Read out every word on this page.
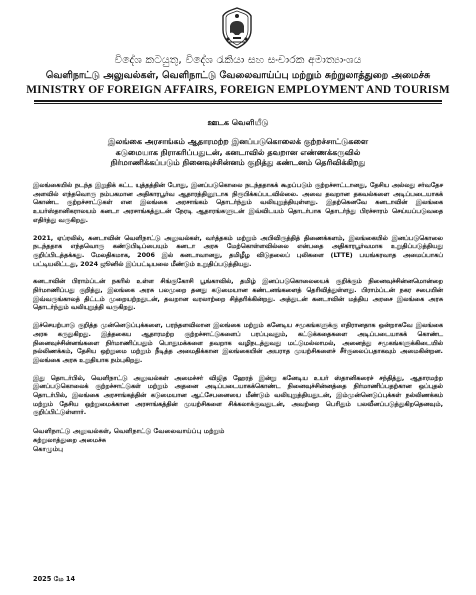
විදේශ කටයුතු, විදේශ රැකියා සහ සංචාරක අමාත්‍යාංශය
வெளிநாட்டு அலுவல்கள், வெளிநாட்டு வேலைவாய்ப்பு மற்றும் சுற்றுலாத்துறை அமைச்சு
MINISTRY OF FOREIGN AFFAIRS, FOREIGN EMPLOYMENT AND TOURISM
ஊடக வெளியீடு
இலங்கை அரசாங்கம் ஆதாரமற்ற இனப்படுகொலைக் குற்றச்சாட்டுகளை
கடுமையாக நிராகரிப்பதுடன், கனடாவில் தவறான எண்ணக்கருவில்
நிர்மாணிக்கப்படும் நினைவுச்சின்னம் குறித்து கண்டனம் தெரிவிக்கிறது

இலங்கையில் நடந்த இறுதிக் கட்ட யுத்தத்தின் போது, இனப்படுகொலை நடந்ததாகக் கூறப்படும் குற்றச்சாட்டானது, தேசிய அல்லது சர்வதேச அளவில் எந்தவொரு நம்பகமான அதிகாரபூர்வ ஆதாரத்தினூடாக நிரூபிக்கப்படவில்லை. அவை தவறான தகவல்களை அடிப்படையாகக் கொண்ட குற்றச்சாட்டுகள் என இலங்கை அரசாங்கம் தொடர்ந்தும் வலியுறுத்தியுள்ளது. இதற்கெனவே கனடாவின் இலங்கை உயர்ஸ்தானிகராலயம் கனடா அரசாங்கத்துடன் நேரடி ஆதாரங்களுடன் இவ்விடயம் தொடர்பாக தொடர்ந்து பிரச்சாரம் செய்யப்படுவதை எதிர்த்து வருகிறது.

2021, ஏப்ரலில், கனடாவின் வெளிநாட்டு அலுவல்கள், வர்த்தகம் மற்றும் அபிவிருத்தித் திணைக்களம், இலங்கையில் இனப்படுகொலை நடந்ததாக எந்தவொரு கண்டுபிடிப்பையும் கனடா அரசு மேற்கொள்ளவில்லை என்பதை அதிகாரபூர்வமாக உறுதிப்படுத்தியது குறிப்பிடத்தக்கது. மேலதிகமாக, 2006 இல் கனடாவானது, தமிழீழ விடுதலைப் புலிகளை (LTTE) பயங்கரவாத அமைப்பாகப் பட்டியலிட்டது, 2024 ஜூனில் இப்பட்டியலை மீண்டும் உறுதிப்படுத்தியது.

கனடாவின் பிராம்ப்டன் நகரில் உள்ள சிங்குகோசி பூங்காவில், தமிழ் இனப்படுகொலையைக் குறிக்கும் நினைவுச்சின்னமொன்றை நிர்மாணிப்பது குறித்து, இலங்கை அரசு பலமுறை தனது கடுமையான கண்டனங்களைத் தெரிவித்துள்ளது. பிராம்ப்டன் நகர சபையின் இவ்வருங்காலத் திட்டம் முறையற்றதுடன், தவறான வரலாற்றை சித்தரிக்கின்றது. அத்துடன் கனடாவின் மத்திய அரசை இலங்கை அரசு தொடர்ந்தும் வலியுறுத்தி வருகிறது.

இச்செயற்பாடு குறித்த முன்னெடுப்புக்களை, பரந்தளவிலான இலங்கை மற்றும் கனேடிய சமூகங்களுக்கு எதிரானதாக ஒன்றாகவே இலங்கை அரசு கருதுகிறது. இத்தகைய ஆதாரமற்ற குற்றச்சாட்டுகளைப் பரப்புவதும், கட்டுக்கதைகளை அடிப்படையாகக் கொண்ட நினைவுச்சின்னங்களை நிர்மாணிப்பதும் பொதுமக்களை தவறாக வழிநடத்துவது மட்டுமல்லாமல், அனைத்து சமூகங்களுக்கிடையில் நல்லிணக்கம், தேசிய ஒற்றுமை மற்றும் நீடித்த அமைதிக்கான இலங்கையின் அயராத முயற்சிகளைச் சீர்குலைப்பதாகவும் அமைகின்றன. இலங்கை அரசு உறுதியாக நம்புகிறது.

இது தொடர்பில், வெளிநாட்டு அலுவல்கள் அமைச்சர் விஜித ஹேரத் இன்று கனேடிய உயர் ஸ்தானிகரைச் சந்தித்து, ஆதாரமற்ற இனப்படுகொலைக் குற்றச்சாட்டுகள் மற்றும் அதனை அடிப்படையாகக்கொண்ட நினைவுச்சின்னத்தை நிர்மாணிப்பதற்கான ஒப்புதல் தொடர்பில், இலங்கை அரசாங்கத்தின் கடுமையான ஆட்சேபனையை மீண்டும் வலியுறுத்தியதுடன், இம்முன்னெடுப்புக்கள் நல்லிணக்கம் மற்றும் தேசிய ஒற்றுமைக்கான அரசாங்கத்தின் முயற்சிகளை சிக்கலாக்குவதுடன், அவற்றை பெரிதும் பலவீனப்படுத்துகிறதெனவும், குறிப்பிட்டுள்ளார்.

வெளிநாட்டு அலுவல்கள், வெளிநாட்டு வேலைவாய்ப்பு மற்றும்
சுற்றுலாத்துறை அமைச்சு
கொழும்பு
2025 மே 14
